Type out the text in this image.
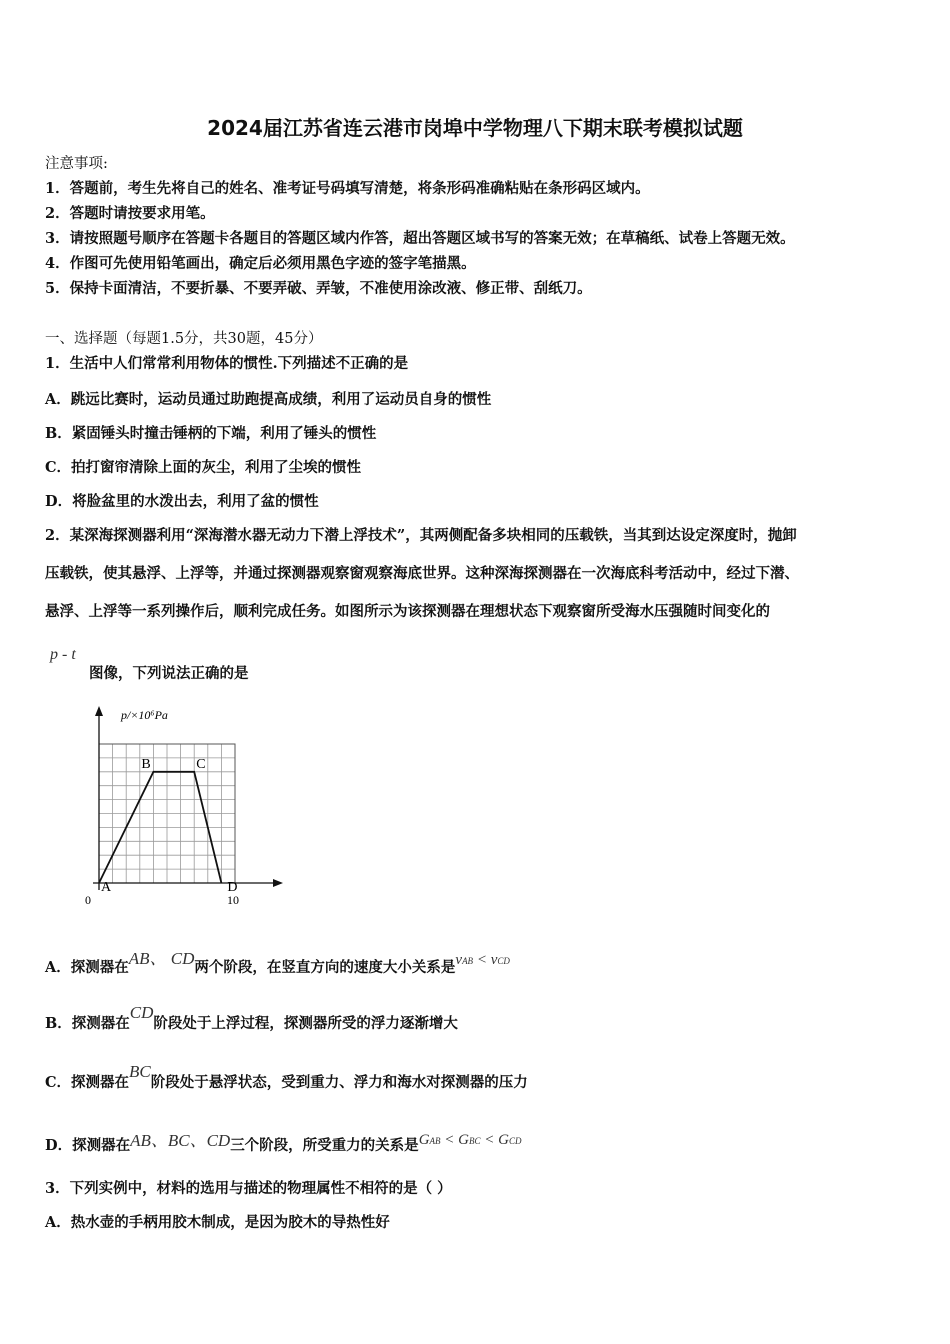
2024届江苏省连云港市岗埠中学物理八下期末联考模拟试题
注意事项:
1．答题前，考生先将自己的姓名、准考证号码填写清楚，将条形码准确粘贴在条形码区域内。
2．答题时请按要求用笔。
3．请按照题号顺序在答题卡各题目的答题区域内作答，超出答题区域书写的答案无效；在草稿纸、试卷上答题无效。
4．作图可先使用铅笔画出，确定后必须用黑色字迹的签字笔描黑。
5．保持卡面清洁，不要折暴、不要弄破、弄皱，不准使用涂改液、修正带、刮纸刀。
一、选择题（每题1.5分，共30题，45分）
1．生活中人们常常利用物体的惯性.下列描述不正确的是
A．跳远比赛时，运动员通过助跑提高成绩，利用了运动员自身的惯性
B．紧固锤头时撞击锤柄的下端，利用了锤头的惯性
C．拍打窗帘清除上面的灰尘，利用了尘埃的惯性
D．将脸盆里的水泼出去，利用了盆的惯性
2．某深海探测器利用“深海潜水器无动力下潜上浮技术”，其两侧配备多块相同的压载铁，当其到达设定深度时，抛卸
压载铁，使其悬浮、上浮等，并通过探测器观察窗观察海底世界。这种深海探测器在一次海底科考活动中，经过下潜、
悬浮、上浮等一系列操作后，顺利完成任务。如图所示为该探测器在理想状态下观察窗所受海水压强随时间变化的
p - t
图像，下列说法正确的是
p/×10⁶Pa
0	10
A
B	C
D
A．探测器在AB、 CD两个阶段，在竖直方向的速度大小关系是vAB < vCD
B．探测器在CD阶段处于上浮过程，探测器所受的浮力逐渐增大
C．探测器在BC阶段处于悬浮状态，受到重力、浮力和海水对探测器的压力
D．探测器在AB、BC、CD三个阶段，所受重力的关系是GAB < GBC < GCD
3．下列实例中，材料的选用与描述的物理属性不相符的是（ ）
A．热水壶的手柄用胶木制成，是因为胶木的导热性好
